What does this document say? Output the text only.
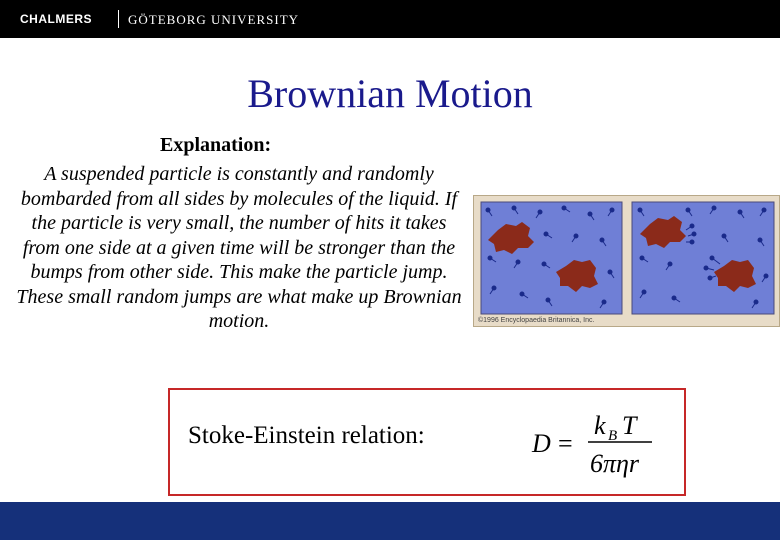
CHALMERS	GÖTEBORG UNIVERSITY
Brownian Motion
Explanation:
A suspended particle is constantly and randomly bombarded from all sides by molecules of the liquid. If the particle is very small, the number of hits it takes from one side at a given time will be stronger than the bumps from other side. This make the particle jump. These small random jumps are what make up Brownian motion.	©1996 Encyclopaedia Britannica, Inc.
Stoke-Einstein relation:	D =
k B T
6πηr
